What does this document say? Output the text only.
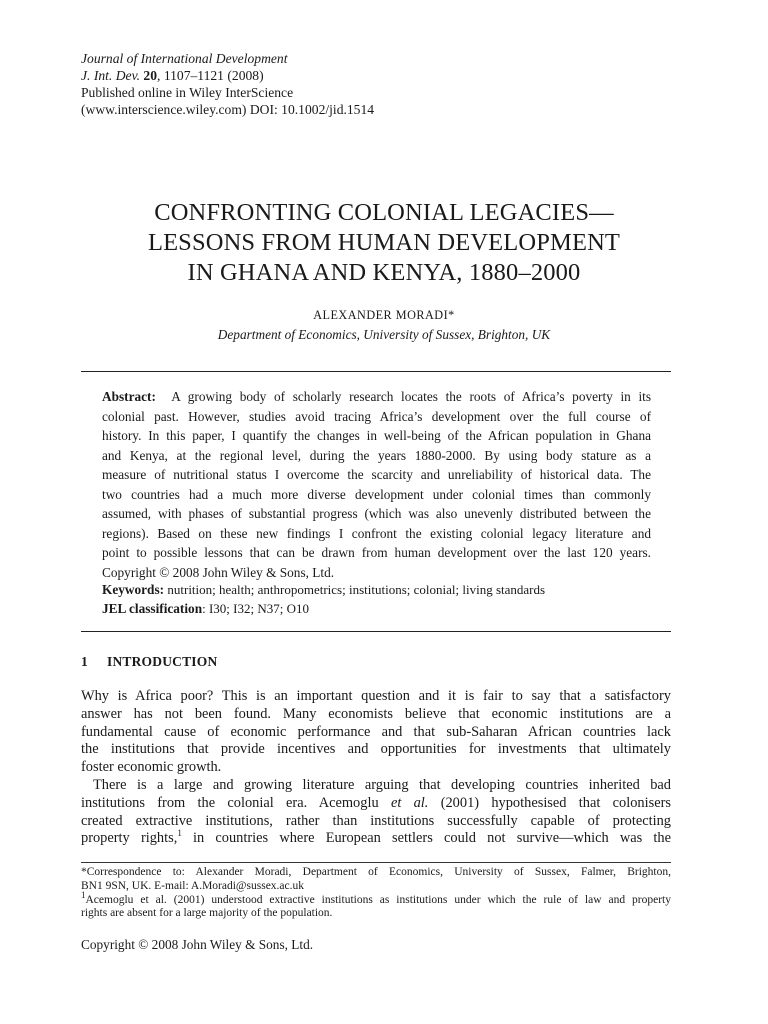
Journal of International Development
J. Int. Dev. 20, 1107–1121 (2008)
Published online in Wiley InterScience
(www.interscience.wiley.com) DOI: 10.1002/jid.1514
CONFRONTING COLONIAL LEGACIES—
LESSONS FROM HUMAN DEVELOPMENT
IN GHANA AND KENYA, 1880–2000
ALEXANDER MORADI*
Department of Economics, University of Sussex, Brighton, UK
Abstract: A growing body of scholarly research locates the roots of Africa’s poverty in its
colonial past. However, studies avoid tracing Africa’s development over the full course of
history. In this paper, I quantify the changes in well-being of the African population in Ghana
and Kenya, at the regional level, during the years 1880-2000. By using body stature as a
measure of nutritional status I overcome the scarcity and unreliability of historical data. The
two countries had a much more diverse development under colonial times than commonly
assumed, with phases of substantial progress (which was also unevenly distributed between the
regions). Based on these new findings I confront the existing colonial legacy literature and
point to possible lessons that can be drawn from human development over the last 120 years.
Copyright © 2008 John Wiley & Sons, Ltd.
Keywords: nutrition; health; anthropometrics; institutions; colonial; living standards
JEL classification: I30; I32; N37; O10
1 INTRODUCTION
Why is Africa poor? This is an important question and it is fair to say that a satisfactory
answer has not been found. Many economists believe that economic institutions are a
fundamental cause of economic performance and that sub-Saharan African countries lack
the institutions that provide incentives and opportunities for investments that ultimately
foster economic growth.
There is a large and growing literature arguing that developing countries inherited bad
institutions from the colonial era. Acemoglu et al. (2001) hypothesised that colonisers
created extractive institutions, rather than institutions successfully capable of protecting
property rights,$^1$ in countries where European settlers could not survive—which was the
*Correspondence to: Alexander Moradi, Department of Economics, University of Sussex, Falmer, Brighton,
BN1 9SN, UK. E-mail: A.Moradi@sussex.ac.uk
$^1$Acemoglu et al. (2001) understood extractive institutions as institutions under which the rule of law and property
rights are absent for a large majority of the population.
Copyright © 2008 John Wiley & Sons, Ltd.
